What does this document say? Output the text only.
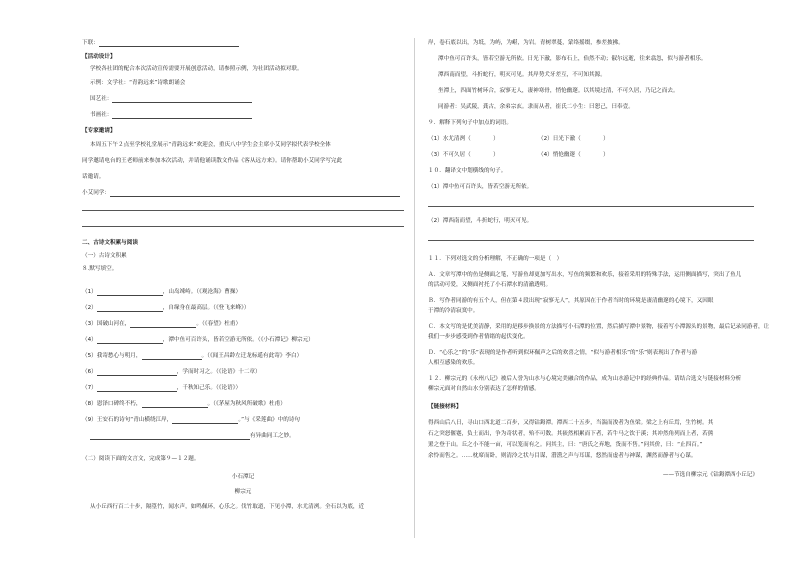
下联：
【活动设计】
学校各社团的配合本次活动宣传需要开展创意活动，请参照示例，为社团活动拟对联。
示例：文学社：“青韵远来”诗歌朗诵会
国艺社：
书画社：
【专家邀请】
本周五下午２点至学校礼堂展示“青韵远来”欢迎会，重庆八中学生会主席小艾同学拟代表学校全体
同学邀请电台的王老师前来参加本次活动，并请他诵读散文作品《客从远方来》。请你帮助小艾同学写完此
话邀请。
小艾同学：
二、古诗文积累与阅读
（一）古诗文积累
８.默写填空。
（1）	，山岛竦峙。（《观沧海》曹操）
（2）	，自缘身在最高层。（《登飞来峰》）
（3）国破山河在，	。（《春望》杜甫）
（4）	，潭中鱼可百许头，皆若空游无所依。（《小石潭记》柳宗元）
（5）我寄愁心与明月，	。（《闻王昌龄左迁龙标遥有此寄》李白）
（6）	，学而时习之。（《论语》十二章）
（7）	，千秋知己乐。（《论语》）
（8）恩泽口碑终不朽，	。（《茅屋为秋风所破歌》杜甫）
（9）王安石的诗句“青山横绕江岸，	。”与《采莲曲》中的诗句
有异曲同工之妙。
（二）阅读下面的文言文，完成第９—１２题。
小石潭记
柳宗元
从小丘西行百二十步，隔篁竹，闻水声，如鸣佩环，心乐之。伐竹取道，下见小潭，水尤清冽。全石以为底，近
岸，卷石底以出，为坻，为屿，为嵁，为岩。青树翠蔓，蒙络摇缀，参差披拂。
潭中鱼可百许头，皆若空游无所依。日光下澈，影布石上，佁然不动；俶尔远逝，往来翕忽，似与游者相乐。
潭西南而望，斗折蛇行，明灭可见。其岸势犬牙差互，不可知其源。
坐潭上，四面竹树环合，寂寥无人，凄神寒骨，悄怆幽邃。以其境过清，不可久居，乃记之而去。
同游者：吴武陵，龚古，余弟宗玄。隶而从者，崔氏二小生：曰恕己，曰奉壹。
９．解释下列句子中加点的词语。
（1）水尤清冽（　　　　）	（2）日光下澈（　　　　）
（3）不可久居（　　　　）	（4）悄怆幽邃（　　　　）
１０．翻译文中划横线的句子。
（1）潭中鱼可百许头，皆若空游无所依。
（2）潭西南而望，斗折蛇行，明灭可见。
１１．下列对选文的分析理解，不正确的一项是（　）
Ａ．文章写潭中的鱼是侧面之笔，写游鱼却更加写出水，写鱼的频繁和欢乐，接着采用的特殊手法，运用侧面描写，突出了鱼儿
的活动可爱，又侧面衬托了小石潭水的清澈透明。
Ｂ．写作者同游的有五个人，但在第４段出现“寂寥无人”，其原因在于作者当时的环境是凄清幽邃的心境下，又因眼
于潭的冷清寂寞中。
Ｃ．本文写的是优美清静，采用的是移步换景的方法描写小石潭的位置，然后描写潭中景物，接着写小潭源头的景物，最后记录同游者，让
我们一步步感受到作者情绪的起伏变化。
Ｄ．“心乐之”的“乐”表现的是作者听到似环佩声之后的欢喜之情，“似与游者相乐”的“乐”则表现出了作者与游
人相互感染的欢乐。
１２．柳宗元的《永州八记》被后人誉为山水与心境完美融合的作品，成为山水游记中的经典作品。请结合选文与链接材料分析
柳宗元面对自然山水分别表达了怎样的情感。
【链接材料】
得西山后八日，寻山口西北道二百步，又得钴鉧潭。潭西二十五步，当湍而浚者为鱼梁。梁之上有丘焉，生竹树。其
石之突怒偃蹇，负土而出，争为奇状者，殆不可数。其嵚然相累而下者，若牛马之饮于溪；其冲然角列而上者，若熊
罴之登于山。丘之小不能一亩，可以笼而有之。问其主，曰：“唐氏之弃地，货而不售。”问其价，曰：“止四百。”
余怜而售之。……枕席而卧，则清泠之状与目谋，瀯瀯之声与耳谋，悠然而虚者与神谋，渊然而静者与心谋。
——节选自柳宗元《钴鉧潭西小丘记》
